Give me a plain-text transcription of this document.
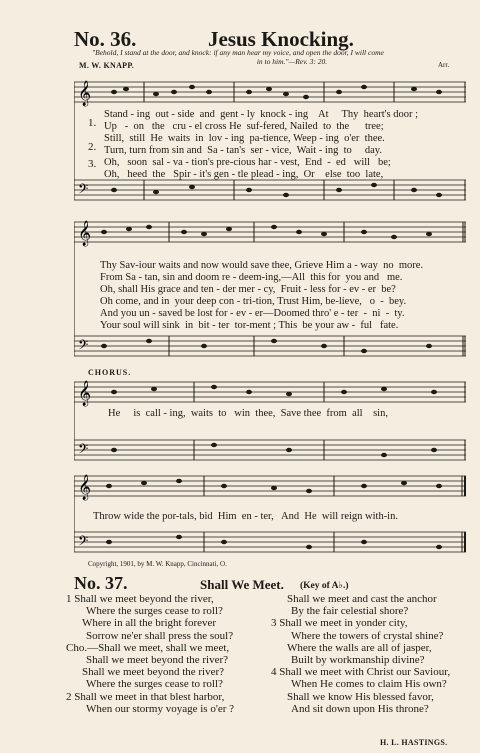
No. 36.	Jesus Knocking.
"Behold, I stand at the door, and knock: if any man hear my voice, and open the door, I will come
in to him."—Rev. 3: 20.
M. W. KNAPP.	Arr.
𝄞
𝄢
1.
2.
3.
Stand - ing  out - side  and  gent - ly  knock - ing    At     Thy  heart's door ;
Up   -  on   the   cru - el cross He  suf-fered, Nailed  to  the      tree;
Still,  still  He  waits  in  lov - ing  pa-tience, Weep - ing  o'er  thee.
Turn, turn from sin and  Sa - tan's  ser - vice,  Wait - ing  to     day.
Oh,   soon  sal - va - tion's pre-cious har - vest,  End  -  ed   will   be;
Oh,   heed  the   Spir - it's gen - tle plead - ing,  Or    else  too  late,
𝄞
𝄢
Thy Sav-iour waits and now would save thee, Grieve Him a - way  no  more.
From Sa - tan, sin and doom re - deem-ing,—All  this for  you and   me.
Oh, shall His grace and ten - der mer - cy,  Fruit - less for - ev - er  be?
Oh come, and in  your deep con - tri-tion, Trust Him, be-lieve,   o  -  bey.
And you un - saved be lost for - ev - er—Doomed thro' e - ter  -  ni  -  ty.
Your soul will sink  in  bit - ter  tor-ment ; This  be your aw -  ful   fate.
CHORUS.
𝄞
𝄢
He     is  call - ing,  waits  to   win  thee,  Save thee  from  all    sin,
𝄞
𝄢
Throw wide the por-tals, bid  Him  en - ter,   And  He  will reign with-in.
Copyright, 1901, by M. W. Knapp, Cincinnati, O.
No. 37.	Shall We Meet. (Key of A♭.)
1 Shall we meet beyond the river,
Where the surges cease to roll?
Where in all the bright forever
Sorrow ne'er shall press the soul?
Cho.—Shall we meet, shall we meet,
Shall we meet beyond the river?
Shall we meet beyond the river?
Where the surges cease to roll?
2 Shall we meet in that blest harbor,
When our stormy voyage is o'er ?
Shall we meet and cast the anchor
By the fair celestial shore?
3 Shall we meet in yonder city,
Where the towers of crystal shine?
Where the walls are all of jasper,
Built by workmanship divine?
4 Shall we meet with Christ our Saviour,
When He comes to claim His own?
Shall we know His blessed favor,
And sit down upon His throne?
H. L. HASTINGS.
